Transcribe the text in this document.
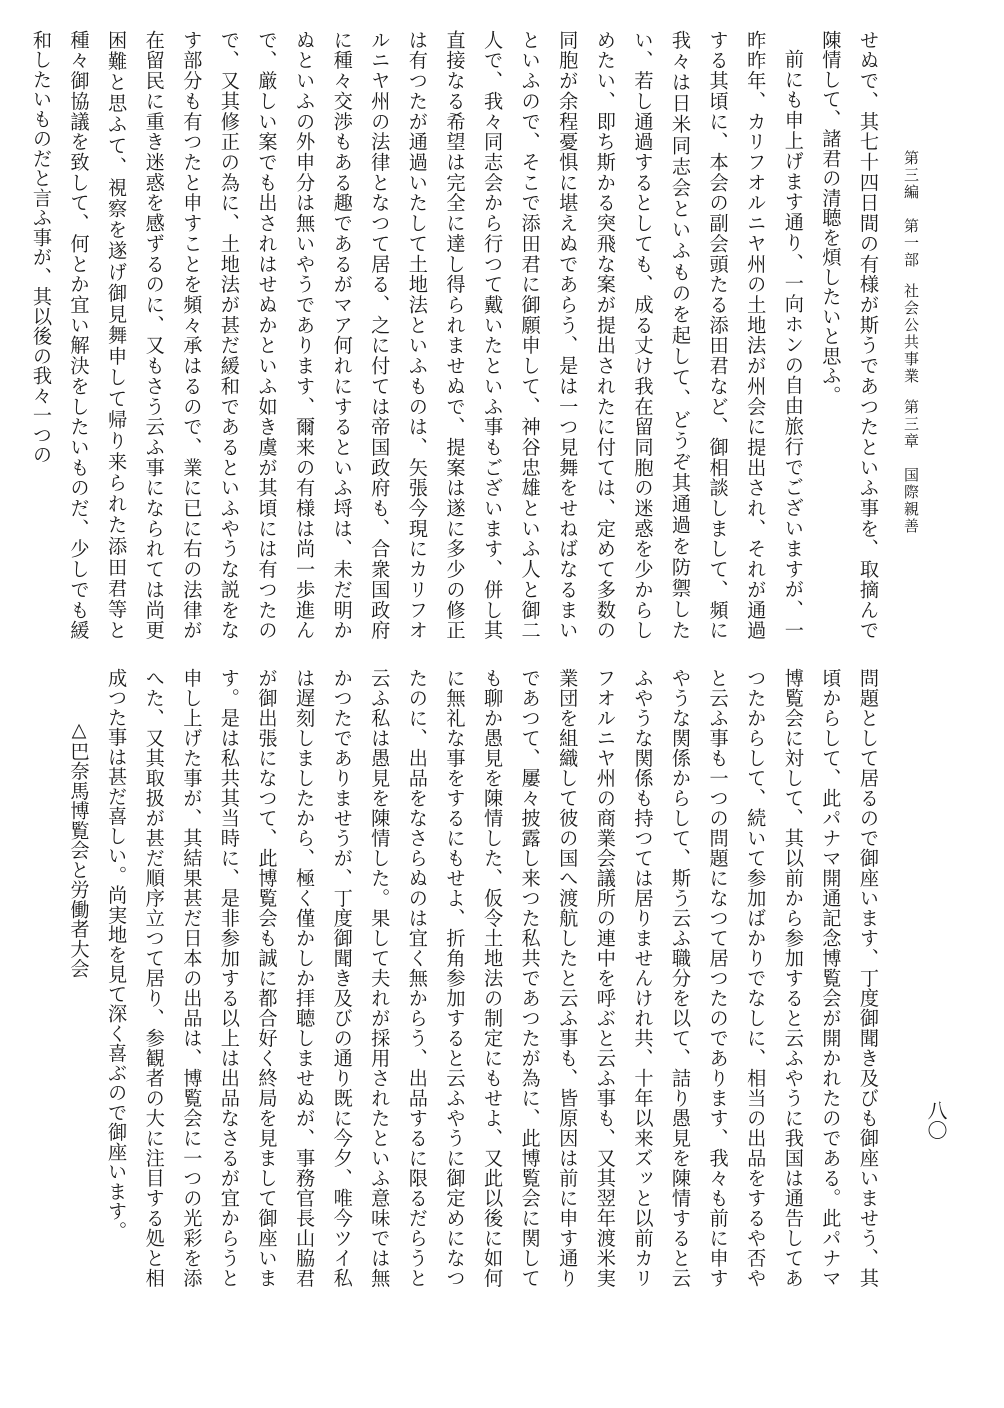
第三編　第一部社会公共事業第三章　国際親善
八〇

せぬで、其七十四日間の有様が斯うであつたといふ事を、取摘んで陳情して、諸君の清聴を煩したいと思ふ。

前にも申上げます通り、一向ホンの自由旅行でございますが、一昨昨年、カリフオルニヤ州の土地法が州会に提出され、それが通過する其頃に、本会の副会頭たる添田君など、御相談しまして、頻に我々は日米同志会といふものを起して、どうぞ其通過を防禦したい、若し通過するとしても、成る丈け我在留同胞の迷惑を少からしめたい、即ち斯かる突飛な案が提出されたに付ては、定めて多数の同胞が余程憂惧に堪えぬであらう、是は一つ見舞をせねばなるまいといふので、そこで添田君に御願申して、神谷忠雄といふ人と御二人で、我々同志会から行つて戴いたといふ事もございます、併し其直接なる希望は完全に達し得られませぬで、提案は遂に多少の修正は有つたが通過いたして土地法といふものは、矢張今現にカリフオルニヤ州の法律となつて居る、之に付ては帝国政府も、合衆国政府に種々交渉もある趣であるがマア何れにするといふ埒は、未だ明かぬといふの外申分は無いやうであります、爾来の有様は尚一歩進んで、厳しい案でも出されはせぬかといふ如き虞が其頃には有つたので、又其修正の為に、土地法が甚だ緩和であるといふやうな説をなす部分も有つたと申すことを頻々承はるので、業に已に右の法律が在留民に重き迷惑を感ずるのに、又もさう云ふ事になられては尚更困難と思ふて、視察を遂げ御見舞申して帰り来られた添田君等と種々御協議を致して、何とか宜い解決をしたいものだ、少しでも緩和したいものだと言ふ事が、其以後の我々一つの

問題として居るので御座います、丁度御聞き及びも御座いませう、其頃からして、此パナマ開通記念博覧会が開かれたのである。此パナマ博覧会に対して、其以前から参加すると云ふやうに我国は通告してあつたからして、続いて参加ばかりでなしに、相当の出品をするや否やと云ふ事も一つの問題になつて居つたのであります、我々も前に申すやうな関係からして、斯う云ふ職分を以て、詰り愚見を陳情すると云ふやうな関係も持つては居りませんけれ共、十年以来ズッと以前カリフオルニヤ州の商業会議所の連中を呼ぶと云ふ事も、又其翌年渡米実業団を組織して彼の国へ渡航したと云ふ事も、皆原因は前に申す通りであつて、屢々披露し来つた私共であつたが為に、此博覧会に関しても聊か愚見を陳情した、仮令土地法の制定にもせよ、又此以後に如何に無礼な事をするにもせよ、折角参加すると云ふやうに御定めになつたのに、出品をなさらぬのは宜く無からう、出品するに限るだらうと云ふ私は愚見を陳情した。果して夫れが採用されたといふ意味では無かつたでありませうが、丁度御聞き及びの通り既に今夕、唯今ツイ私は遅刻しましたから、極く僅かしか拝聴しませぬが、事務官長山脇君が御出張になつて、此博覧会も誠に都合好く終局を見まして御座います。是は私共其当時に、是非参加する以上は出品なさるが宜からうと申し上げた事が、其結果甚だ日本の出品は、博覧会に一つの光彩を添へた、又其取扱が甚だ順序立つて居り、参観者の大に注目する処と相成つた事は甚だ喜しい。尚実地を見て深く喜ぶので御座います。

△巴奈馬博覧会と労働者大会
